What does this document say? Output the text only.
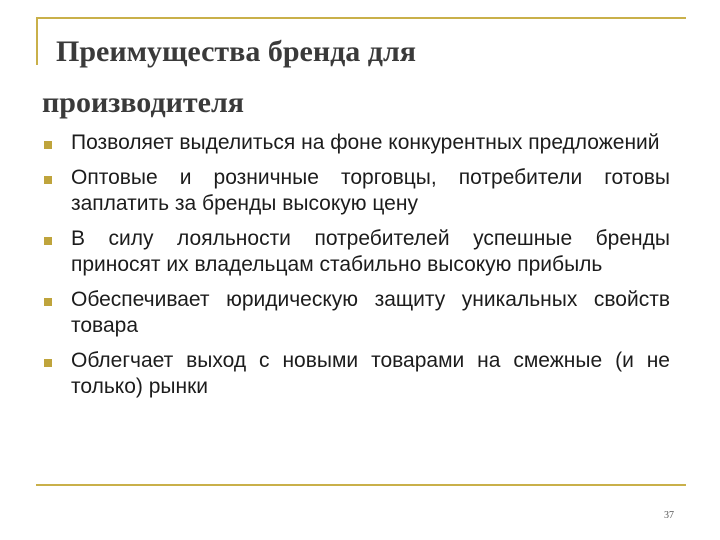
Преимущества бренда для
производителя
Позволяет выделиться на фоне конкурентных предложений
Оптовые и розничные торговцы, потребители готовы заплатить за бренды высокую цену
В силу лояльности потребителей успешные бренды приносят их владельцам стабильно высокую прибыль
Обеспечивает юридическую защиту уникальных свойств товара
Облегчает выход с новыми товарами на смежные (и не только) рынки
37
